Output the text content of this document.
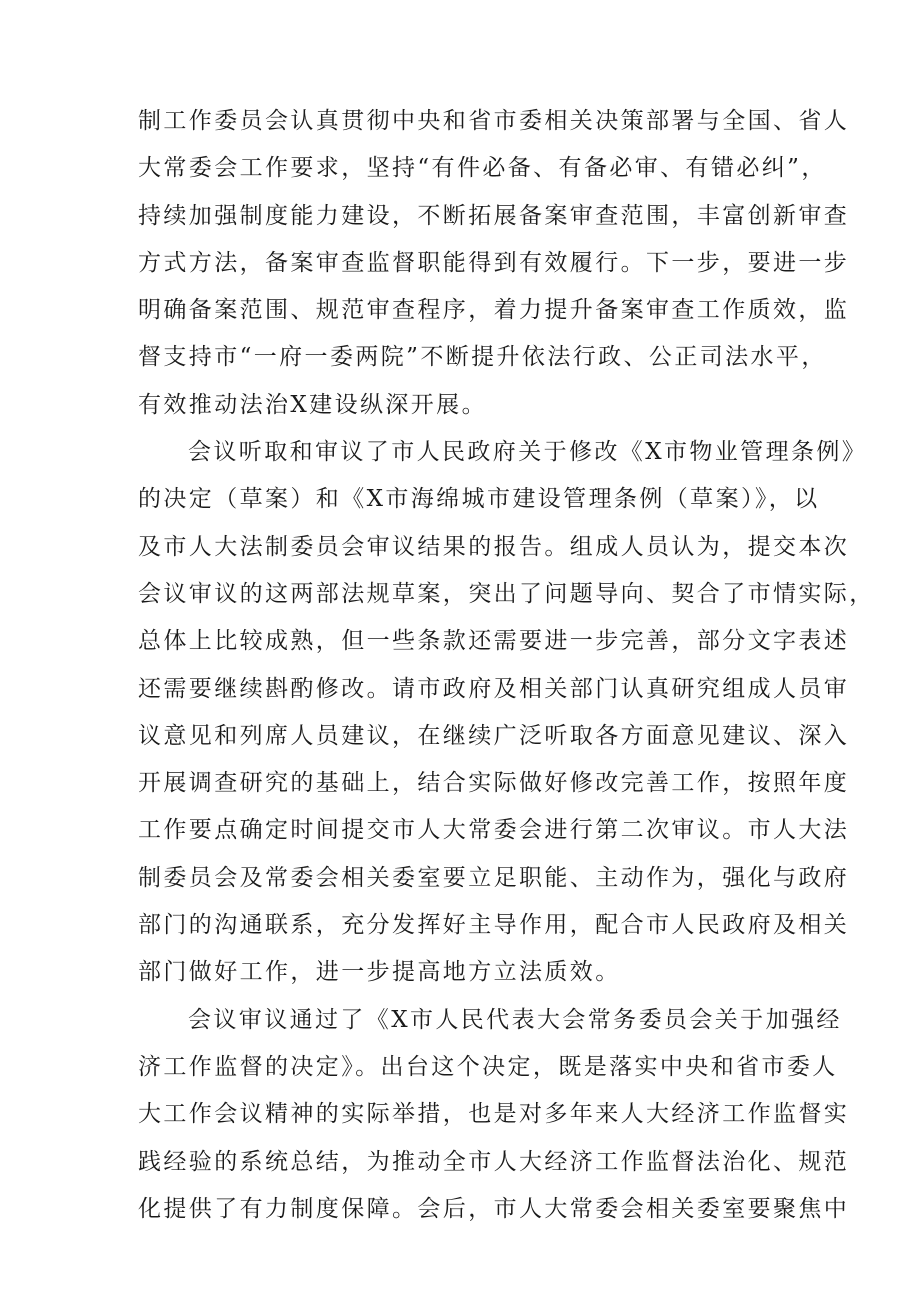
制工作委员会认真贯彻中央和省市委相关决策部署与全国、省人
大常委会工作要求，坚持“有件必备、有备必审、有错必纠”，
持续加强制度能力建设，不断拓展备案审查范围，丰富创新审查
方式方法，备案审查监督职能得到有效履行。下一步，要进一步
明确备案范围、规范审查程序，着力提升备案审查工作质效，监
督支持市“一府一委两院”不断提升依法行政、公正司法水平，
有效推动法治X建设纵深开展。
会议听取和审议了市人民政府关于修改《X市物业管理条例》
的决定（草案）和《X市海绵城市建设管理条例（草案）》，以
及市人大法制委员会审议结果的报告。组成人员认为，提交本次
会议审议的这两部法规草案，突出了问题导向、契合了市情实际，
总体上比较成熟，但一些条款还需要进一步完善，部分文字表述
还需要继续斟酌修改。请市政府及相关部门认真研究组成人员审
议意见和列席人员建议，在继续广泛听取各方面意见建议、深入
开展调查研究的基础上，结合实际做好修改完善工作，按照年度
工作要点确定时间提交市人大常委会进行第二次审议。市人大法
制委员会及常委会相关委室要立足职能、主动作为，强化与政府
部门的沟通联系，充分发挥好主导作用，配合市人民政府及相关
部门做好工作，进一步提高地方立法质效。
会议审议通过了《X市人民代表大会常务委员会关于加强经
济工作监督的决定》。出台这个决定，既是落实中央和省市委人
大工作会议精神的实际举措，也是对多年来人大经济工作监督实
践经验的系统总结，为推动全市人大经济工作监督法治化、规范
化提供了有力制度保障。会后，市人大常委会相关委室要聚焦中
